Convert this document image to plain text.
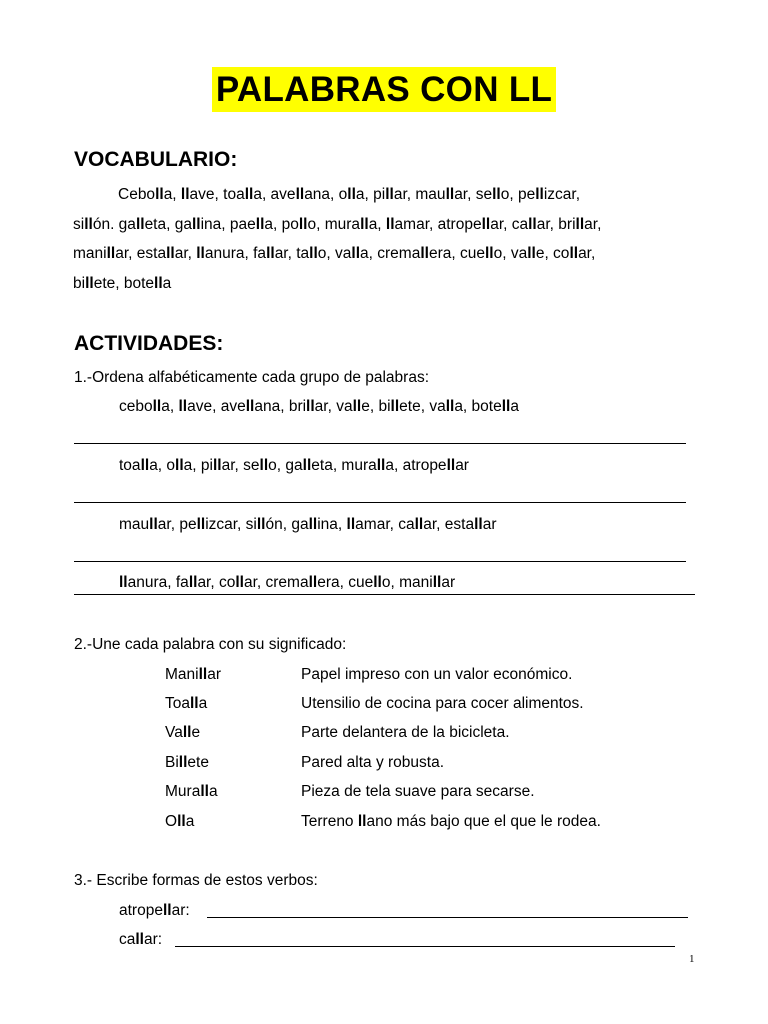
PALABRAS CON LL
VOCABULARIO:
Cebolla, llave, toalla, avellana, olla, pillar, maullar, sello, pellizcar,
sillón. galleta, gallina, paella, pollo, muralla, llamar, atropellar, callar, brillar,
manillar, estallar, llanura, fallar, tallo, valla, cremallera, cuello, valle, collar,
billete, botella
ACTIVIDADES:
1.-Ordena alfabéticamente cada grupo de palabras:
cebolla, llave, avellana, brillar, valle, billete, valla, botella
toalla, olla, pillar, sello, galleta, muralla, atropellar
maullar, pellizcar, sillón, gallina, llamar, callar, estallar
llanura, fallar, collar, cremallera, cuello, manillar
2.-Une cada palabra con su significado:
Manillar	Papel impreso con un valor económico.
Toalla	Utensilio de cocina para cocer alimentos.
Valle	Parte delantera de la bicicleta.
Billete	Pared alta y robusta.
Muralla	Pieza de tela suave para secarse.
Olla	Terreno llano más bajo que el que le rodea.
3.- Escribe formas de estos verbos:
atropellar:
callar:
1
